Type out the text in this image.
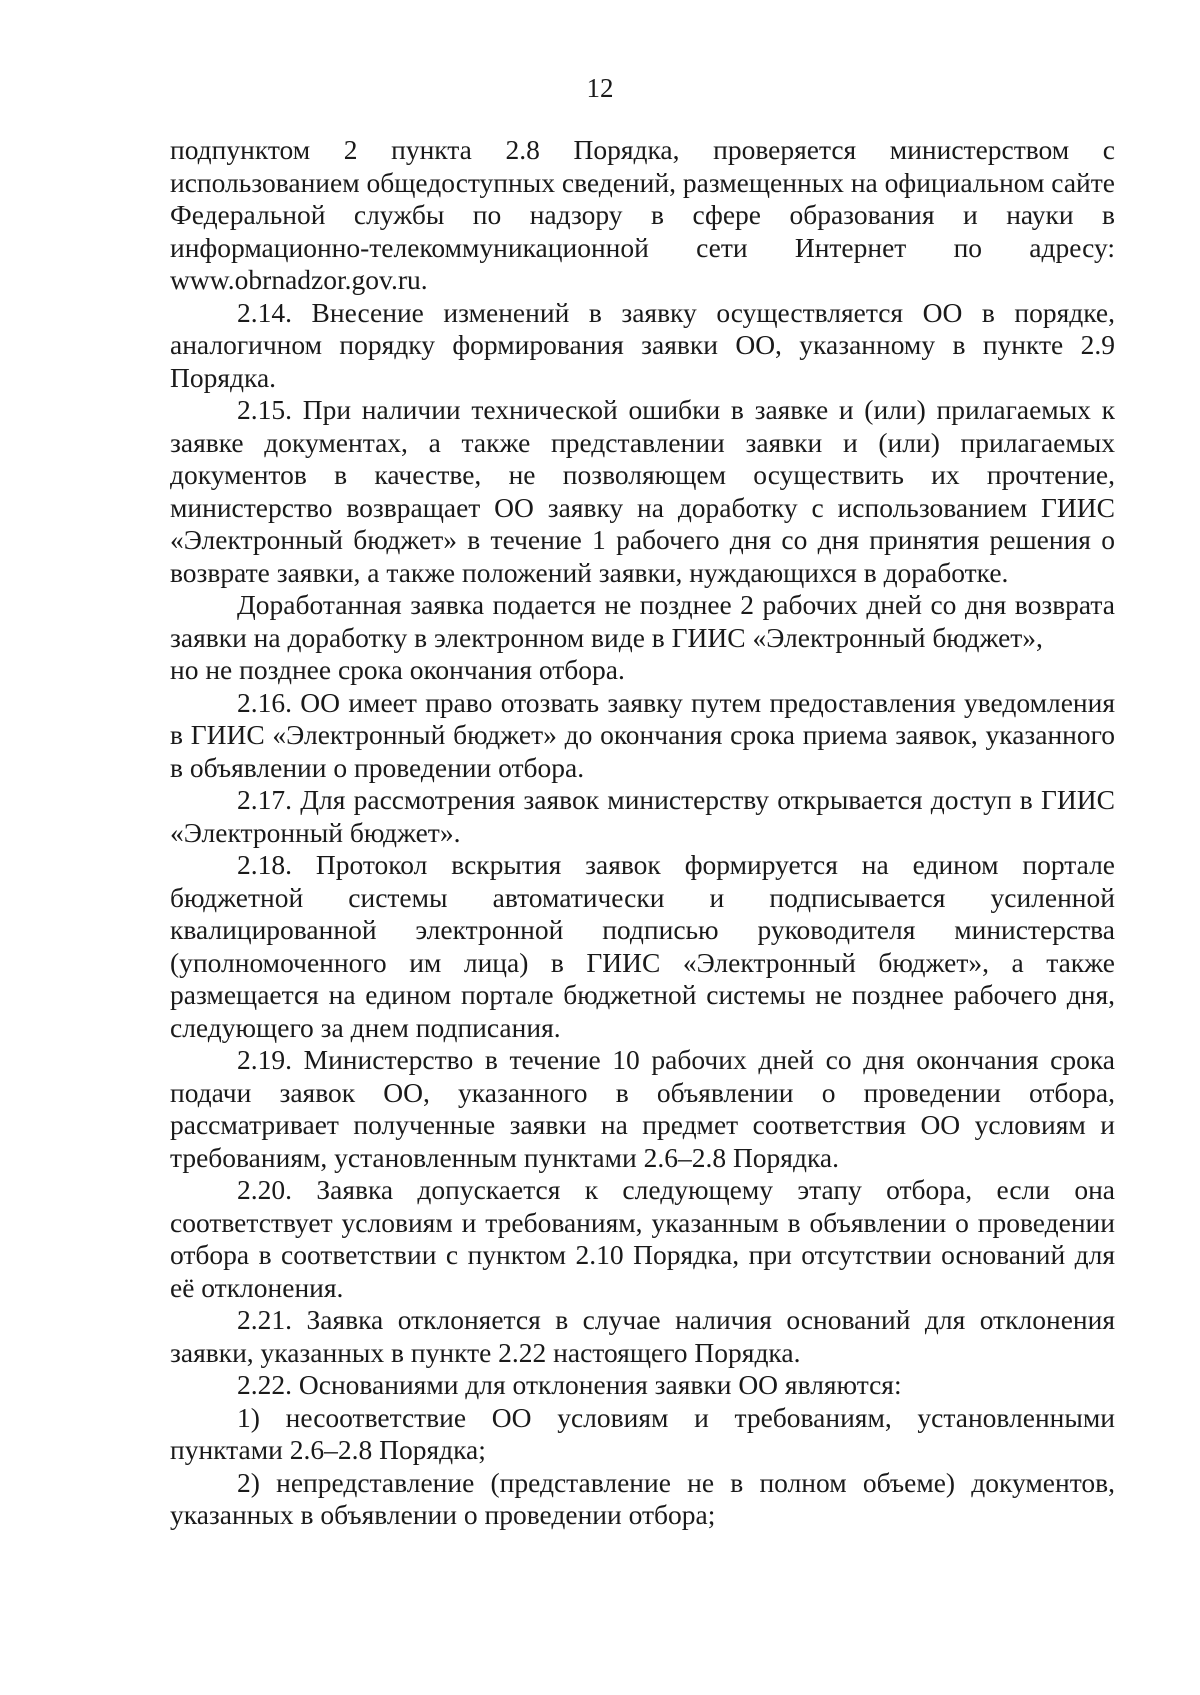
12

подпунктом 2 пункта 2.8 Порядка, проверяется министерством с использованием общедоступных сведений, размещенных на официальном сайте Федеральной службы по надзору в сфере образования и науки в информационно-телекоммуникационной сети Интернет по адресу: www.obrnadzor.gov.ru.

2.14. Внесение изменений в заявку осуществляется ОО в порядке, аналогичном порядку формирования заявки ОО, указанному в пункте 2.9 Порядка.

2.15. При наличии технической ошибки в заявке и (или) прилагаемых к заявке документах, а также представлении заявки и (или) прилагаемых документов в качестве, не позволяющем осуществить их прочтение, министерство возвращает ОО заявку на доработку с использованием ГИИС «Электронный бюджет» в течение 1 рабочего дня со дня принятия решения о возврате заявки, а также положений заявки, нуждающихся в доработке.

Доработанная заявка подается не позднее 2 рабочих дней со дня возврата заявки на доработку в электронном виде в ГИИС «Электронный бюджет»,

но не позднее срока окончания отбора.

2.16. ОО имеет право отозвать заявку путем предоставления уведомления в ГИИС «Электронный бюджет» до окончания срока приема заявок, указанного в объявлении о проведении отбора.

2.17. Для рассмотрения заявок министерству открывается доступ в ГИИС «Электронный бюджет».

2.18. Протокол вскрытия заявок формируется на едином портале бюджетной системы автоматически и подписывается усиленной квалицированной электронной подписью руководителя министерства (уполномоченного им лица) в ГИИС «Электронный бюджет», а также размещается на едином портале бюджетной системы не позднее рабочего дня, следующего за днем подписания.

2.19. Министерство в течение 10 рабочих дней со дня окончания срока подачи заявок ОО, указанного в объявлении о проведении отбора, рассматривает полученные заявки на предмет соответствия ОО условиям и требованиям, установленным пунктами 2.6–2.8 Порядка.

2.20. Заявка допускается к следующему этапу отбора, если она соответствует условиям и требованиям, указанным в объявлении о проведении отбора в соответствии с пунктом 2.10 Порядка, при отсутствии оснований для её отклонения.

2.21. Заявка отклоняется в случае наличия оснований для отклонения заявки, указанных в пункте 2.22 настоящего Порядка.

2.22. Основаниями для отклонения заявки ОО являются:

1) несоответствие ОО условиям и требованиям, установленными пунктами 2.6–2.8 Порядка;

2) непредставление (представление не в полном объеме) документов, указанных в объявлении о проведении отбора;
